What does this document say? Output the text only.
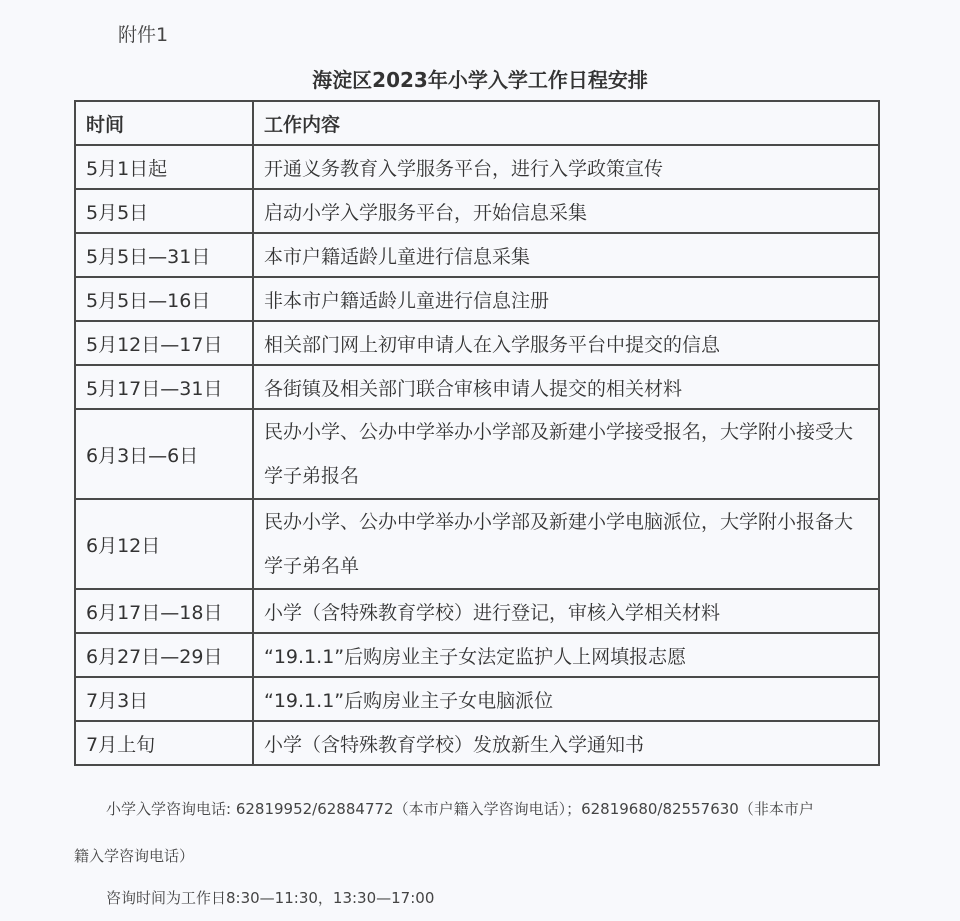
附件1
海淀区2023年小学入学工作日程安排
时间	工作内容
5月1日起	开通义务教育入学服务平台，进行入学政策宣传
5月5日	启动小学入学服务平台，开始信息采集
5月5日—31日	本市户籍适龄儿童进行信息采集
5月5日—16日	非本市户籍适龄儿童进行信息注册
5月12日—17日	相关部门网上初审申请人在入学服务平台中提交的信息
5月17日—31日	各街镇及相关部门联合审核申请人提交的相关材料
6月3日—6日	民办小学、公办中学举办小学部及新建小学接受报名，大学附小接受大学子弟报名
6月12日	民办小学、公办中学举办小学部及新建小学电脑派位，大学附小报备大学子弟名单
6月17日—18日	小学（含特殊教育学校）进行登记，审核入学相关材料
6月27日—29日	“19.1.1”后购房业主子女法定监护人上网填报志愿
7月3日	“19.1.1”后购房业主子女电脑派位
7月上旬	小学（含特殊教育学校）发放新生入学通知书
小学入学咨询电话: 62819952/62884772（本市户籍入学咨询电话）；62819680/82557630（非本市户
籍入学咨询电话）
咨询时间为工作日8:30—11:30，13:30—17:00
